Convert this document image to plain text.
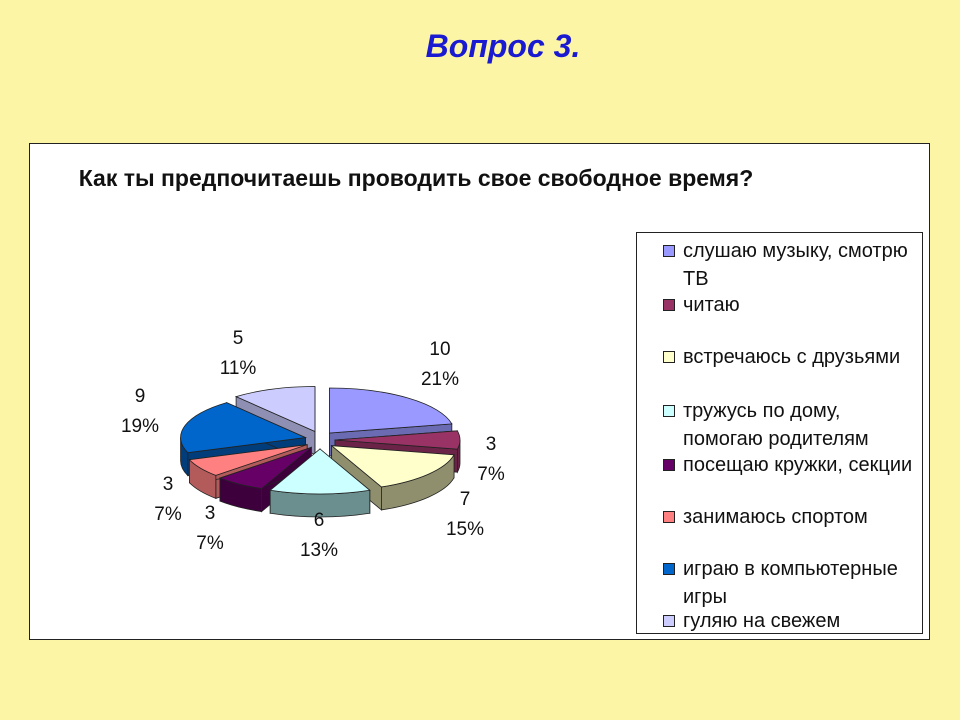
Вопрос 3.
Как ты предпочитаешь проводить свое свободное время?
10
21%
3
7%
7
15%
6
13%
3
7%
3
7%
9
19%
5
11%
слушаю музыку, смотрю ТВ
читаю
встречаюсь с друзьями
тружусь по дому, помогаю родителям
посещаю кружки, секции
занимаюсь спортом
играю в компьютерные игры
гуляю на свежем
